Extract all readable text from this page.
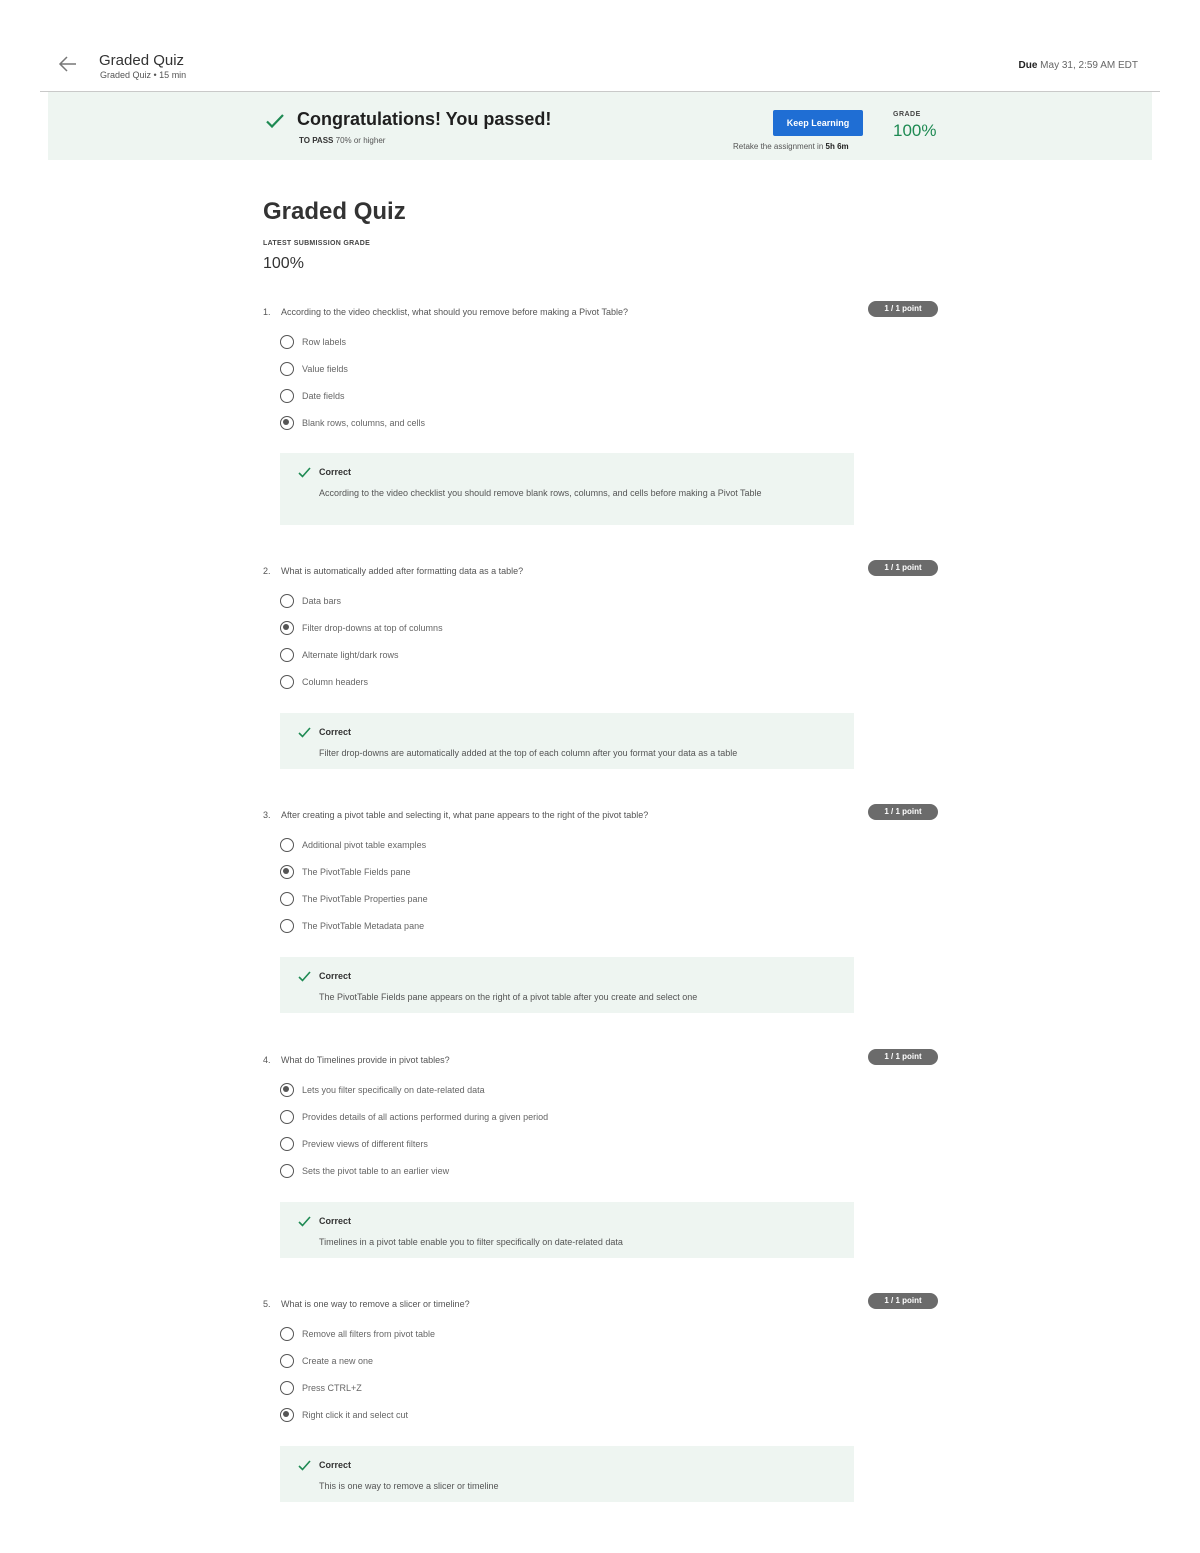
Graded Quiz
Graded Quiz • 15 min
Due May 31, 2:59 AM EDT
Congratulations! You passed!
TO PASS 70% or higher
Keep Learning
Retake the assignment in 5h 6m
GRADE
100%
Graded Quiz
LATEST SUBMISSION GRADE
100%
1. According to the video checklist, what should you remove before making a Pivot Table?	1 / 1 point
Row labels
Value fields
Date fields
Blank rows, columns, and cells
Correct
According to the video checklist you should remove blank rows, columns, and cells before making a Pivot Table
2. What is automatically added after formatting data as a table?	1 / 1 point
Data bars
Filter drop-downs at top of columns
Alternate light/dark rows
Column headers
Correct
Filter drop-downs are automatically added at the top of each column after you format your data as a table
3. After creating a pivot table and selecting it, what pane appears to the right of the pivot table?	1 / 1 point
Additional pivot table examples
The PivotTable Fields pane
The PivotTable Properties pane
The PivotTable Metadata pane
Correct
The PivotTable Fields pane appears on the right of a pivot table after you create and select one
4. What do Timelines provide in pivot tables?	1 / 1 point
Lets you filter specifically on date-related data
Provides details of all actions performed during a given period
Preview views of different filters
Sets the pivot table to an earlier view
Correct
Timelines in a pivot table enable you to filter specifically on date-related data
5. What is one way to remove a slicer or timeline?	1 / 1 point
Remove all filters from pivot table
Create a new one
Press CTRL+Z
Right click it and select cut
Correct
This is one way to remove a slicer or timeline
